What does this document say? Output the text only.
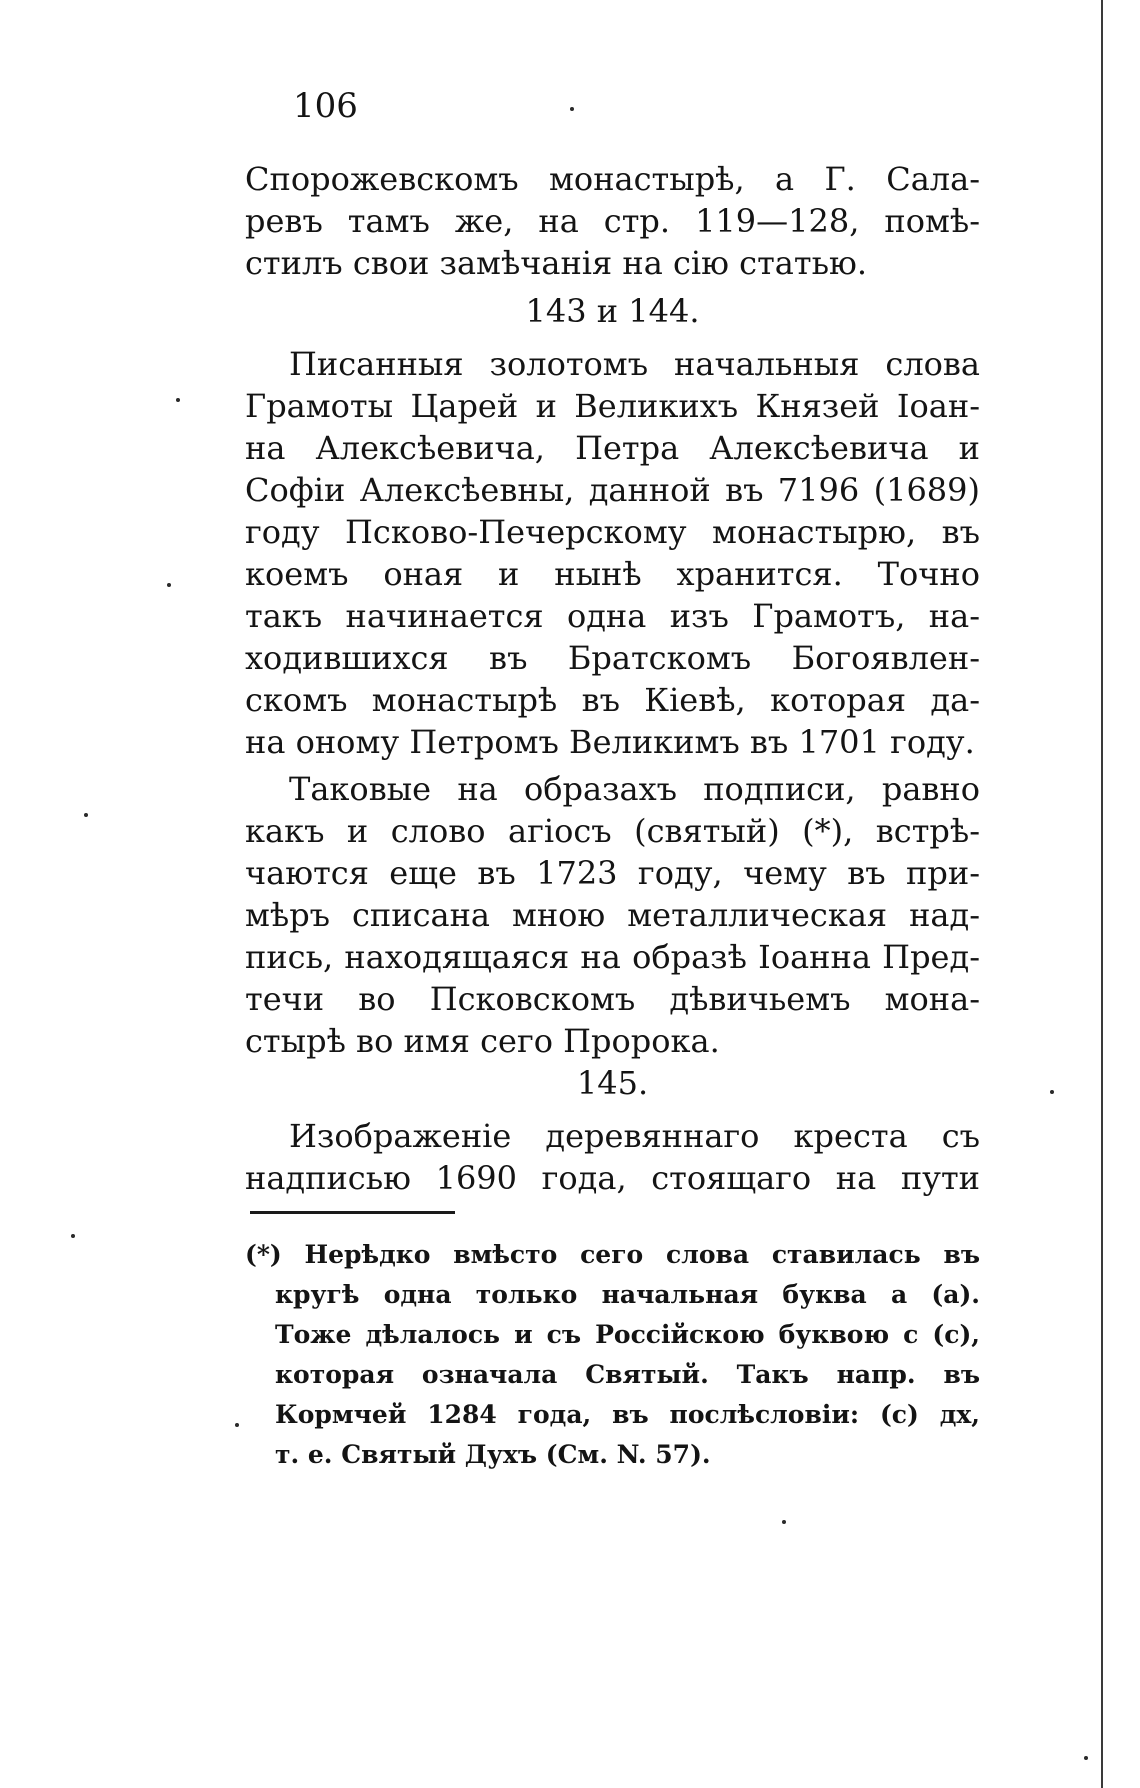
106
Спорожевскомъ монастырѣ, а Г. Сала-
ревъ тамъ же, на стр. 119—128, помѣ-
стилъ свои замѣчанія на сію статью.
143 и 144.
Писанныя золотомъ начальныя слова
Грамоты Царей и Великихъ Князей Іоан-
на Алексѣевича, Петра Алексѣевича и
Софіи Алексѣевны, данной въ 7196 (1689)
году Псково-Печерскому монастырю, въ
коемъ оная и нынѣ хранится. Точно
такъ начинается одна изъ Грамотъ, на-
ходившихся въ Братскомъ Богоявлен-
скомъ монастырѣ въ Кіевѣ, которая да-
на оному Петромъ Великимъ въ 1701 году.
Таковые на образахъ подписи, равно
какъ и слово агiосъ (святый) (*), встрѣ-
чаются еще въ 1723 году, чему въ при-
мѣръ списана мною металлическая над-
пись, находящаяся на образѣ Іоанна Пред-
течи во Псковскомъ дѣвичьемъ мона-
стырѣ во имя сего Пророка.
145.
Изображеніе деревяннаго креста съ
надписью 1690 года, стоящаго на пути
(*) Нерѣдко вмѣсто сего слова ставилась въ
кругѣ одна только начальная буква а (а).
Тоже дѣлалось и съ Россійскою буквою с (с),
которая означала Святый. Такъ напр. въ
Кормчей 1284 года, въ послѣсловіи: (с) дх,
т. е. Святый Духъ (См. N. 57).
